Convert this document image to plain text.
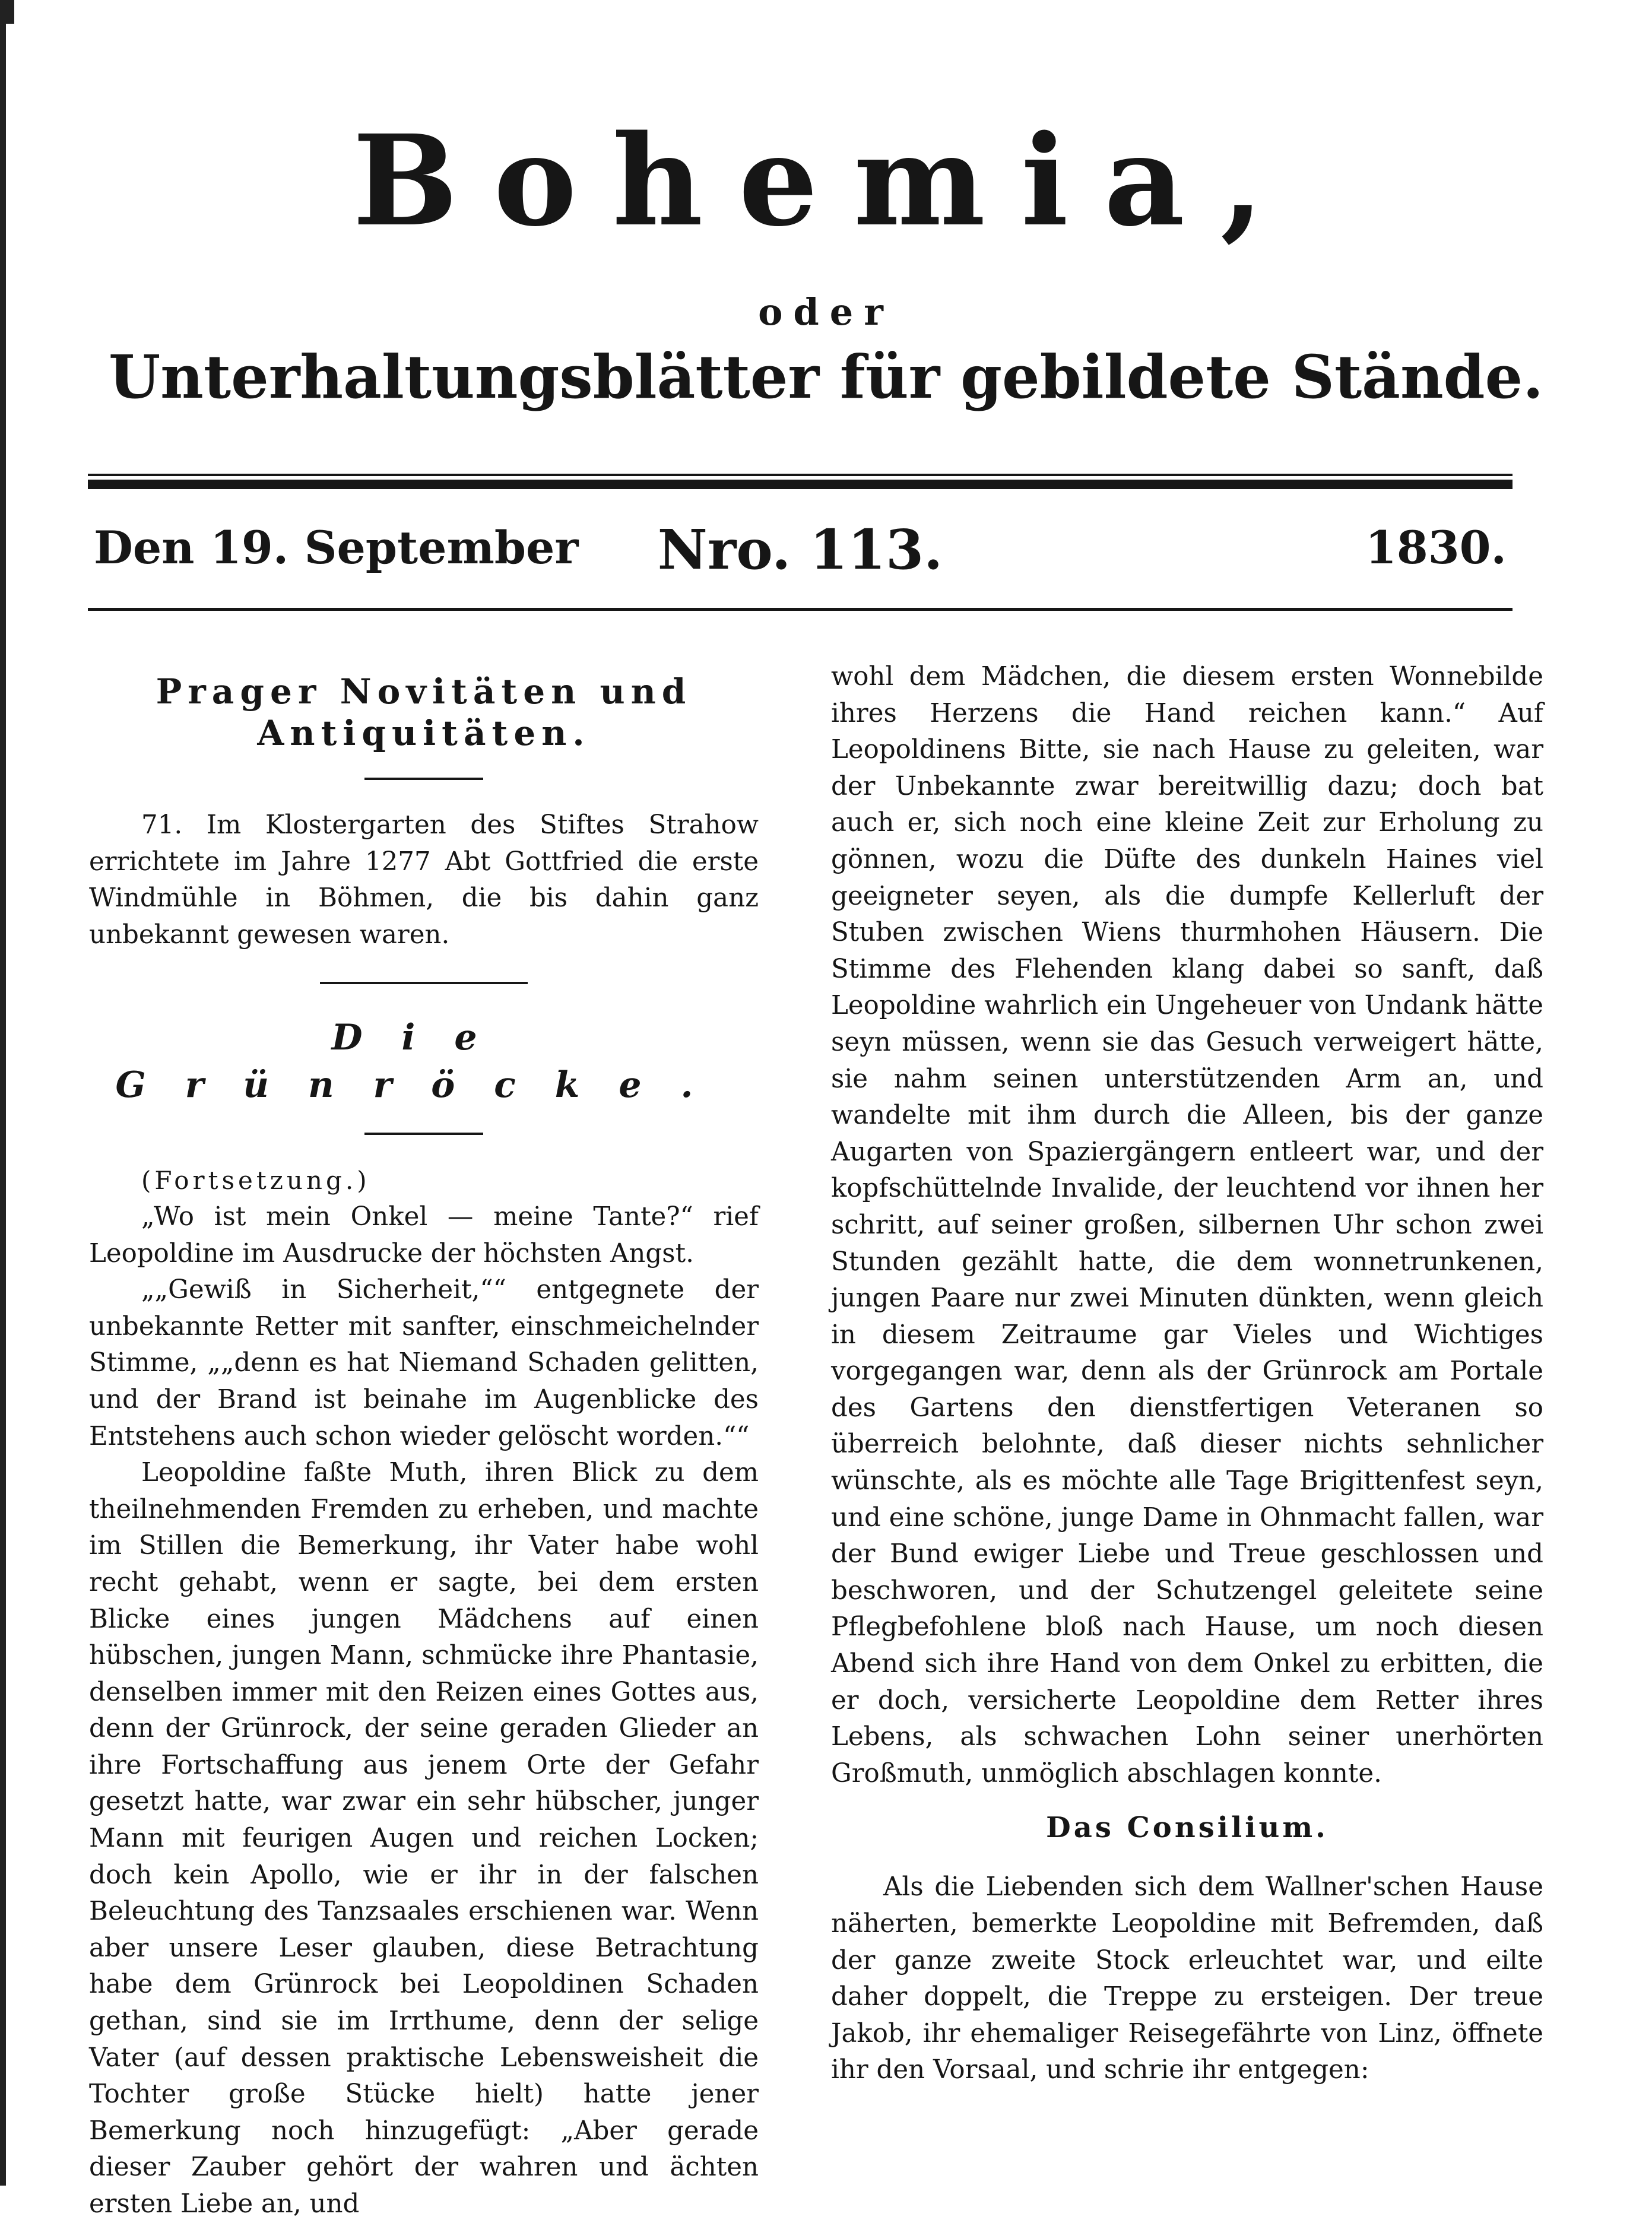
Bohemia,
oder
Unterhaltungsblätter für gebildete Stände.
Den 19. September	Nro. 113.	1830.
Prager Novitäten und Antiquitäten.

71. Im Klostergarten des Stiftes Strahow errichtete im Jahre 1277 Abt Gottfried die erste Windmühle in Böhmen, die bis dahin ganz unbekannt gewesen waren.

Die Grünröcke.

(Fortsetzung.)

„Wo ist mein Onkel — meine Tante?“ rief Leopoldine im Ausdrucke der höchsten Angst.

„„Gewiß in Sicherheit,““ entgegnete der unbekannte Retter mit sanfter, einschmeichelnder Stimme, „„denn es hat Niemand Schaden gelitten, und der Brand ist beinahe im Augenblicke des Entstehens auch schon wieder gelöscht worden.““

Leopoldine faßte Muth, ihren Blick zu dem theilnehmenden Fremden zu erheben, und machte im Stillen die Bemerkung, ihr Vater habe wohl recht gehabt, wenn er sagte, bei dem ersten Blicke eines jungen Mädchens auf einen hübschen, jungen Mann, schmücke ihre Phantasie, denselben immer mit den Reizen eines Gottes aus, denn der Grünrock, der seine geraden Glieder an ihre Fortschaffung aus jenem Orte der Gefahr gesetzt hatte, war zwar ein sehr hübscher, junger Mann mit feurigen Augen und reichen Locken; doch kein Apollo, wie er ihr in der falschen Beleuchtung des Tanzsaales erschienen war. Wenn aber unsere Leser glauben, diese Betrachtung habe dem Grünrock bei Leopoldinen Schaden gethan, sind sie im Irrthume, denn der selige Vater (auf dessen praktische Lebensweisheit die Tochter große Stücke hielt) hatte jener Bemerkung noch hinzugefügt: „Aber gerade dieser Zauber gehört der wahren und ächten ersten Liebe an, und

wohl dem Mädchen, die diesem ersten Wonnebilde ihres Herzens die Hand reichen kann.“ Auf Leopoldinens Bitte, sie nach Hause zu geleiten, war der Unbekannte zwar bereitwillig dazu; doch bat auch er, sich noch eine kleine Zeit zur Erholung zu gönnen, wozu die Düfte des dunkeln Haines viel geeigneter seyen, als die dumpfe Kellerluft der Stuben zwischen Wiens thurmhohen Häusern. Die Stimme des Flehenden klang dabei so sanft, daß Leopoldine wahrlich ein Ungeheuer von Undank hätte seyn müssen, wenn sie das Gesuch verweigert hätte, sie nahm seinen unterstützenden Arm an, und wandelte mit ihm durch die Alleen, bis der ganze Augarten von Spaziergängern entleert war, und der kopfschüttelnde Invalide, der leuchtend vor ihnen her schritt, auf seiner großen, silbernen Uhr schon zwei Stunden gezählt hatte, die dem wonnetrunkenen, jungen Paare nur zwei Minuten dünkten, wenn gleich in diesem Zeitraume gar Vieles und Wichtiges vorgegangen war, denn als der Grünrock am Portale des Gartens den dienstfertigen Veteranen so überreich belohnte, daß dieser nichts sehnlicher wünschte, als es möchte alle Tage Brigittenfest seyn, und eine schöne, junge Dame in Ohnmacht fallen, war der Bund ewiger Liebe und Treue geschlossen und beschworen, und der Schutzengel geleitete seine Pflegbefohlene bloß nach Hause, um noch diesen Abend sich ihre Hand von dem Onkel zu erbitten, die er doch, versicherte Leopoldine dem Retter ihres Lebens, als schwachen Lohn seiner unerhörten Großmuth, unmöglich abschlagen konnte.

Das Consilium.

Als die Liebenden sich dem Wallner'schen Hause näherten, bemerkte Leopoldine mit Befremden, daß der ganze zweite Stock erleuchtet war, und eilte daher doppelt, die Treppe zu ersteigen. Der treue Jakob, ihr ehemaliger Reisegefährte von Linz, öffnete ihr den Vorsaal, und schrie ihr entgegen:
